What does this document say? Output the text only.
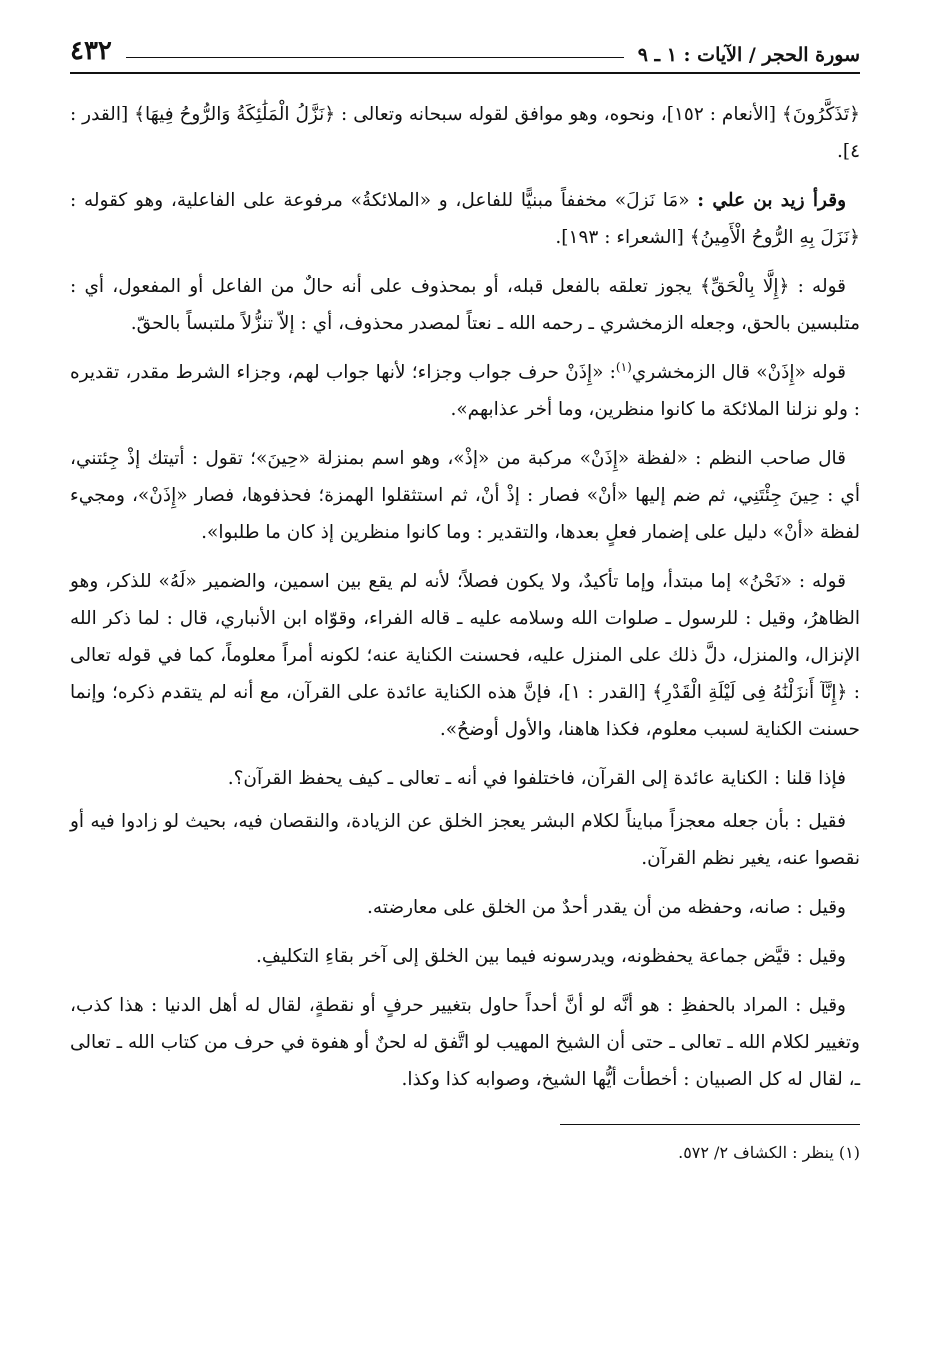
سورة الحجر / الآيات : ١ ـ ٩
٤٣٢

﴿تَذَكَّرُونَ﴾ [الأنعام : ١٥٢]، ونحوه، وهو موافق لقوله سبحانه وتعالى : ﴿نَزَّلُ الْمَلَٰئِكَةُ وَالرُّوحُ فِيهَا﴾ [القدر : ٤].

وقرأ زيد بن علي : «مَا نَزلَ» مخففاً مبنيًّا للفاعل، و «الملائكةُ» مرفوعة على الفاعلية، وهو كقوله : ﴿نَزَلَ بِهِ الرُّوحُ الْأَمِينُ﴾ [الشعراء : ١٩٣].

قوله : ﴿إِلَّا بِالْحَقِّ﴾ يجوز تعلقه بالفعل قبله، أو بمحذوف على أنه حالٌ من الفاعل أو المفعول، أي : متلبسين بالحق، وجعله الزمخشري ـ رحمه الله ـ نعتاً لمصدر محذوف، أي : إلاّ تنزُّلاً ملتبساً بالحقّ.

قوله «إِذَنْ» قال الزمخشري$^{(١)}$: «إِذَنْ حرف جواب وجزاء؛ لأنها جواب لهم، وجزاء الشرط مقدر، تقديره : ولو نزلنا الملائكة ما كانوا منظرين، وما أخر عذابهم».

قال صاحب النظم : «لفظة «إِذَنْ» مركبة من «إذْ»، وهو اسم بمنزلة «حِينَ»؛ تقول : أتيتك إذْ جِئتني، أي : حِينَ جِئْتَنِي، ثم ضم إليها «أنْ» فصار : إذْ أنْ، ثم استثقلوا الهمزة؛ فحذفوها، فصار «إِذَنْ»، ومجيء لفظة «أنْ» دليل على إضمار فعلٍ بعدها، والتقدير : وما كانوا منظرين إذ كان ما طلبوا».

قوله : «نَحْنُ» إما مبتدأ، وإما تأكيدٌ، ولا يكون فصلاً؛ لأنه لم يقع بين اسمين، والضمير «لَهُ» للذكر، وهو الظاهرُ، وقيل : للرسول ـ صلوات الله وسلامه عليه ـ قاله الفراء، وقوّاه ابن الأنباري، قال : لما ذكر الله الإنزال، والمنزل، دلَّ ذلك على المنزل عليه، فحسنت الكناية عنه؛ لكونه أمراً معلوماً، كما في قوله تعالى : ﴿إِنَّآ أَنزَلْنَٰهُ فِى لَيْلَةِ الْقَدْرِ﴾ [القدر : ١]، فإنَّ هذه الكناية عائدة على القرآن، مع أنه لم يتقدم ذكره؛ وإنما حسنت الكناية لسبب معلوم، فكذا هاهنا، والأول أوضحُ».

فإذا قلنا : الكناية عائدة إلى القرآن، فاختلفوا في أنه ـ تعالى ـ كيف يحفظ القرآن؟.

فقيل : بأن جعله معجزاً مبايناً لكلام البشر يعجز الخلق عن الزيادة، والنقصان فيه، بحيث لو زادوا فيه أو نقصوا عنه، يغير نظم القرآن.

وقيل : صانه، وحفظه من أن يقدر أحدٌ من الخلق على معارضته.

وقيل : قيَّض جماعة يحفظونه، ويدرسونه فيما بين الخلق إلى آخر بقاءِ التكليفِ.

وقيل : المراد بالحفظِ : هو أنَّه لو أنَّ أحداً حاول بتغيير حرفٍ أو نقطةٍ، لقال له أهل الدنيا : هذا كذب، وتغيير لكلام الله ـ تعالى ـ حتى أن الشيخ المهيب لو اتَّفق له لحنٌ أو هفوة في حرف من كتاب الله ـ تعالى ـ، لقال له كل الصبيان : أخطأت أيُّها الشيخ، وصوابه كذا وكذا.

(١) ينظر : الكشاف ٢/ ٥٧٢.
